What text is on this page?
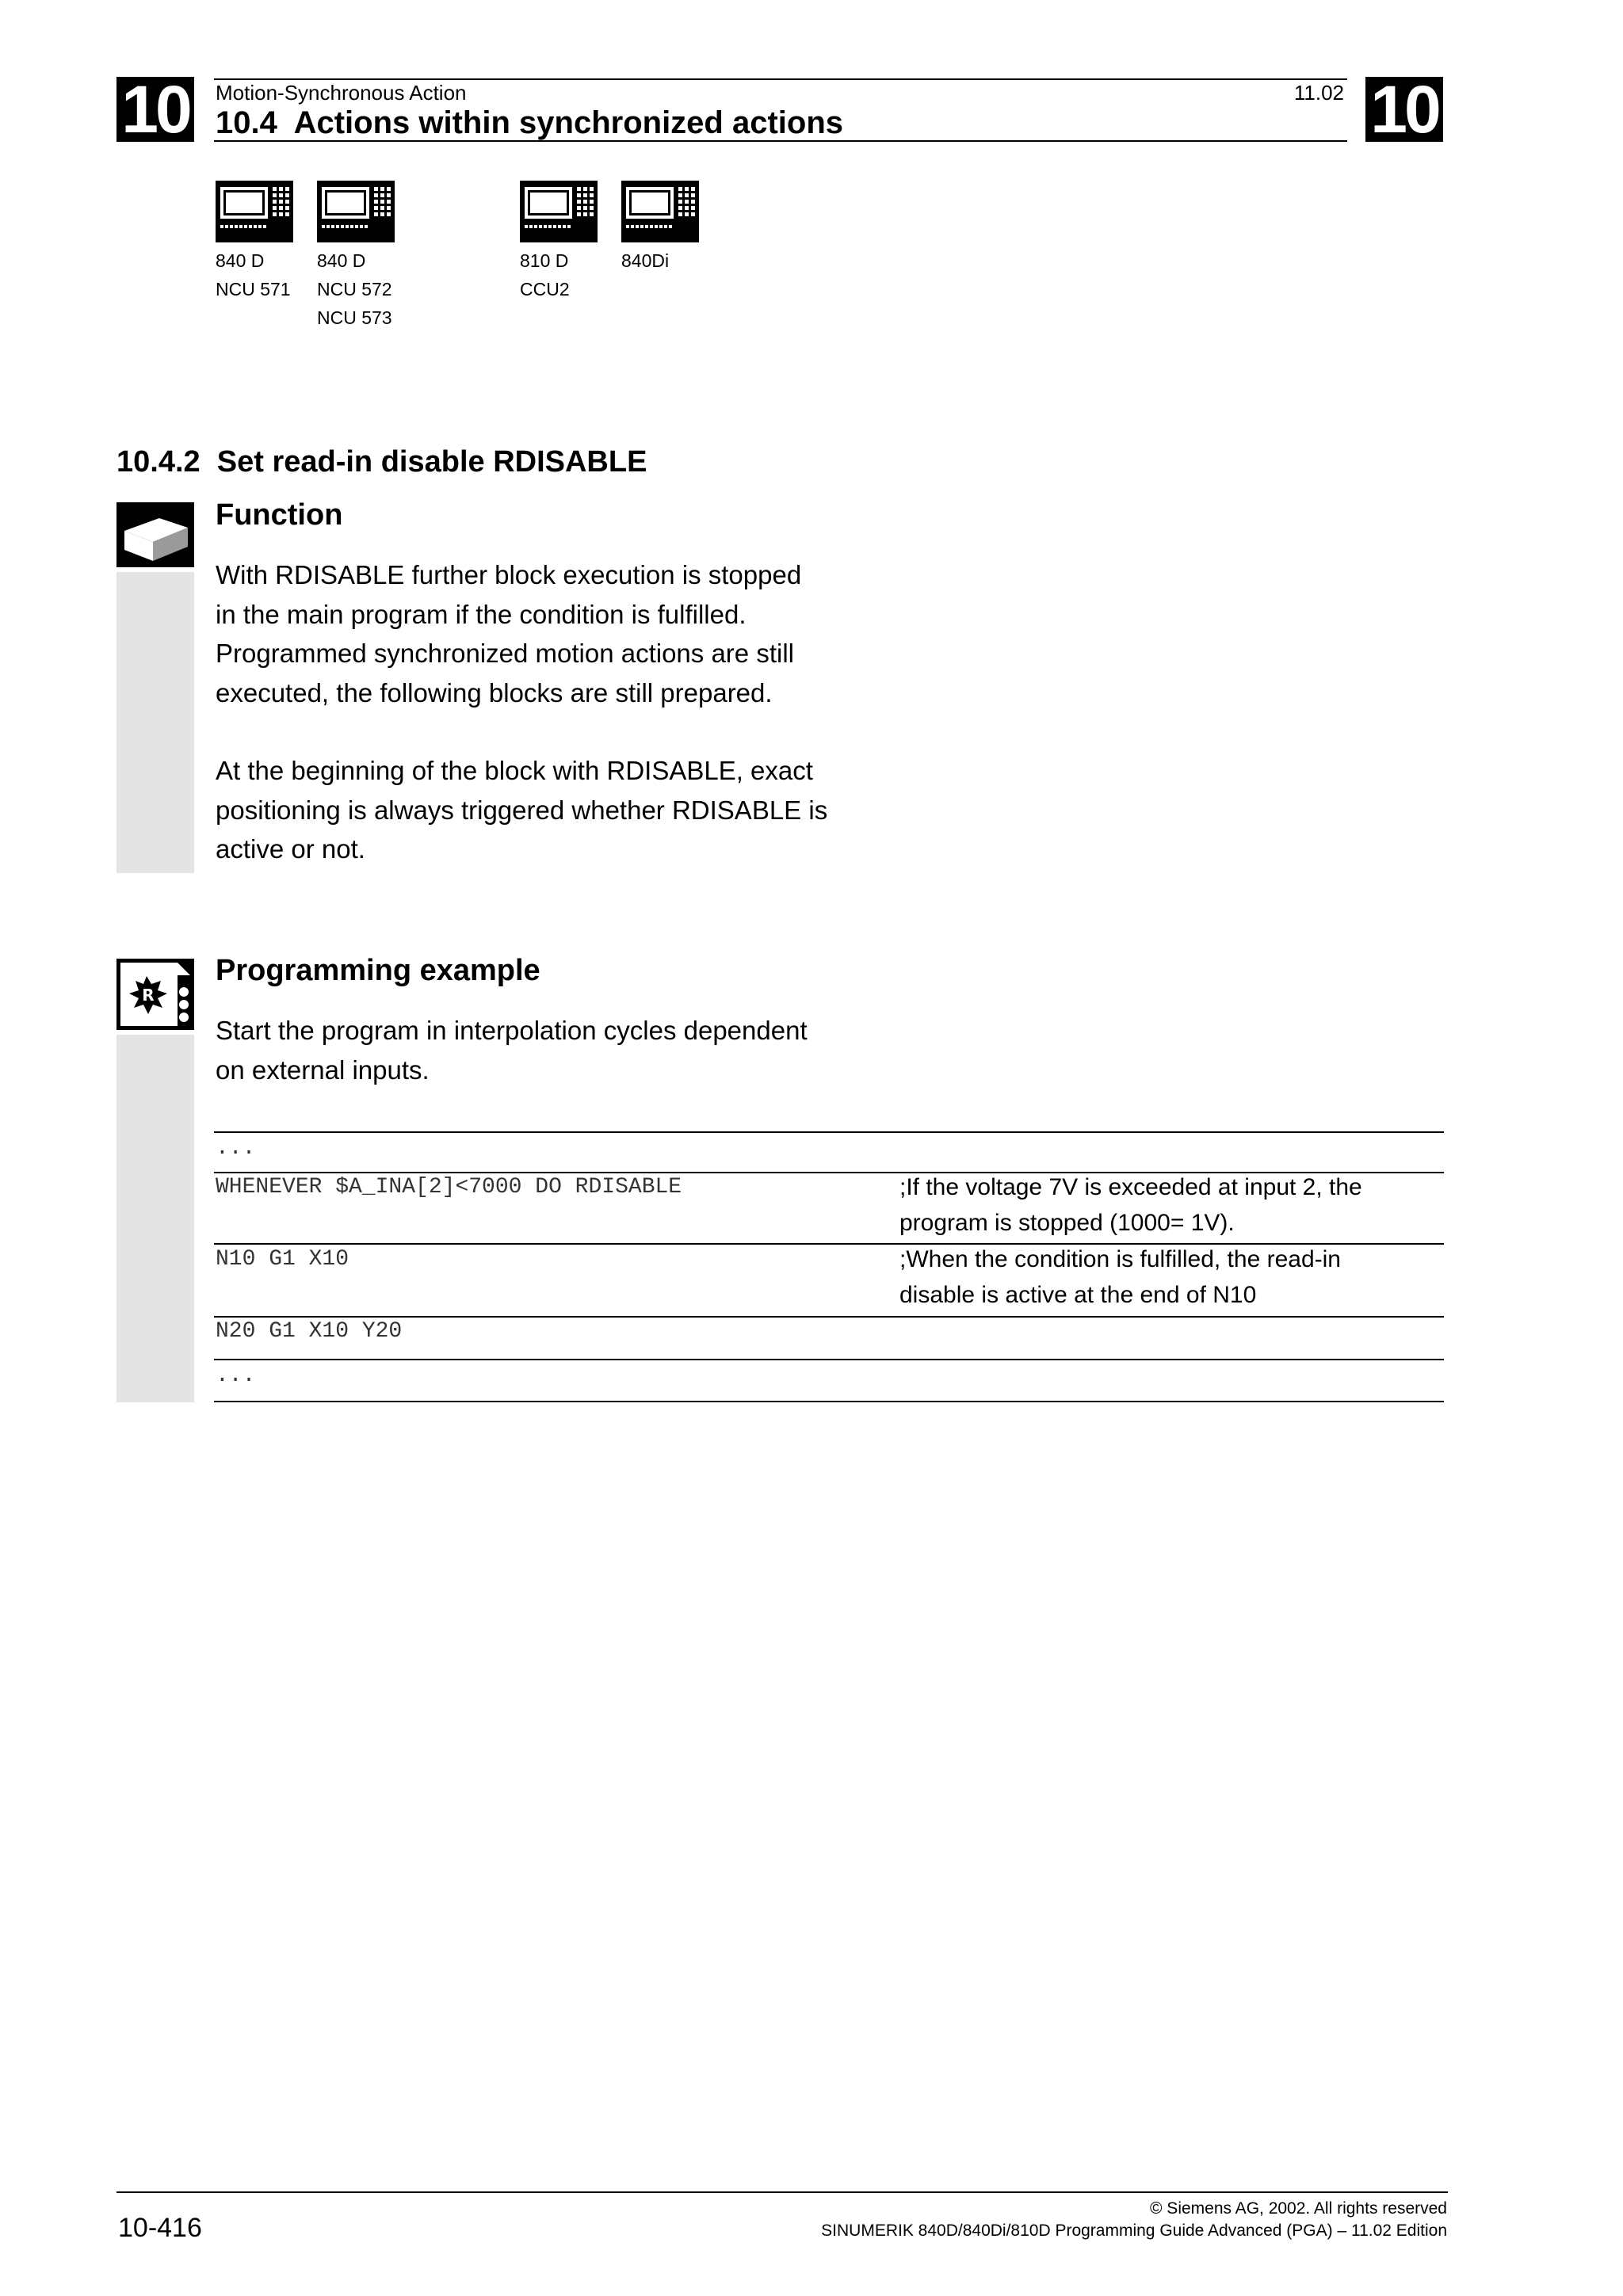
10	10
Motion-Synchronous Action	11.02
10.4  Actions within synchronized actions
840 D
NCU 571
840 D
NCU 572
NCU 573
810 D
CCU2
840Di
10.4.2  Set read-in disable RDISABLE
Function
With RDISABLE further block execution is stopped
in the main program if the condition is fulfilled.
Programmed synchronized motion actions are still
executed, the following blocks are still prepared.
At the beginning of the block with RDISABLE, exact
positioning is always triggered whether RDISABLE is
active or not.
R
Programming example
Start the program in interpolation cycles dependent
on external inputs.
...
WHENEVER $A_INA[2]<7000 DO RDISABLE	;If the voltage 7V is exceeded at input 2, the
program is stopped (1000= 1V).
N10 G1 X10	;When the condition is fulfilled, the read-in
disable is active at the end of N10
N20 G1 X10 Y20
...
10-416
© Siemens AG, 2002. All rights reserved
SINUMERIK 840D/840Di/810D Programming Guide Advanced (PGA) – 11.02 Edition
